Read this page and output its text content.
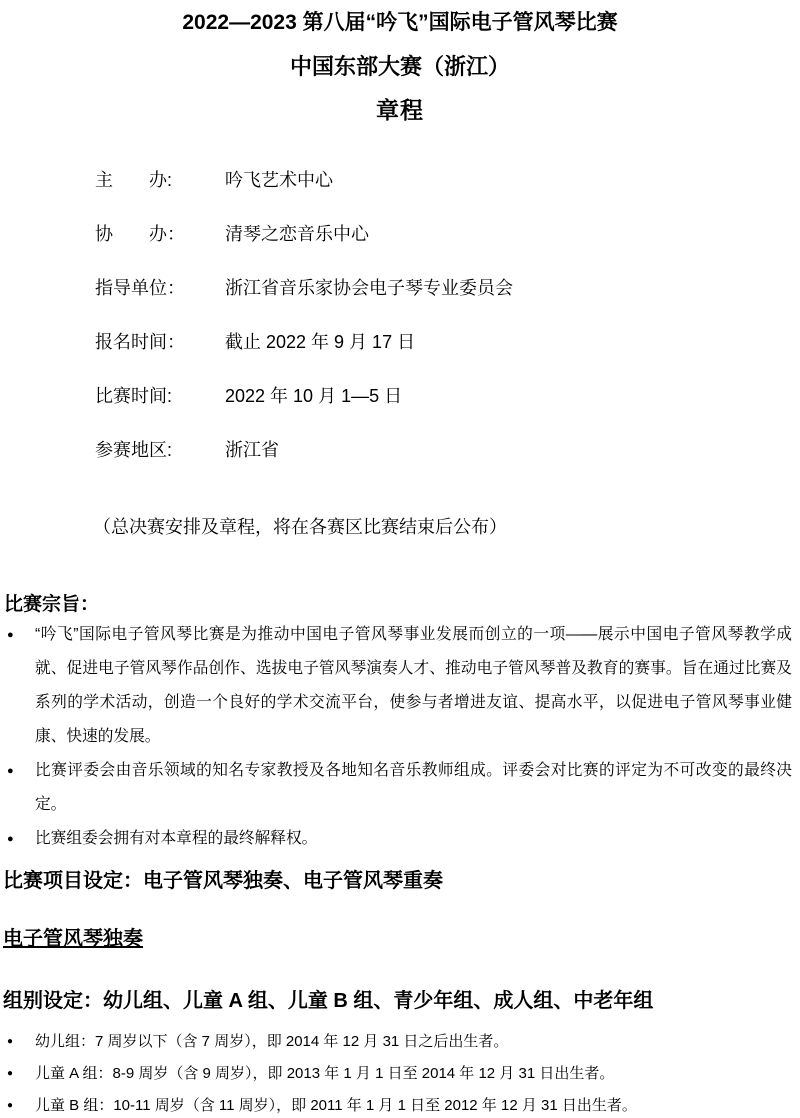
2022—2023 第八届“吟飞”国际电子管风琴比赛
中国东部大赛（浙江）
章程
主　　办:	吟飞艺术中心
协　　办：	清琴之恋音乐中心
指导单位：	浙江省音乐家协会电子琴专业委员会
报名时间：	截止 2022 年 9 月 17 日
比赛时间:	2022 年 10 月 1—5 日
参赛地区:	浙江省
（总决赛安排及章程，将在各赛区比赛结束后公布）
比赛宗旨：
● “吟飞”国际电子管风琴比赛是为推动中国电子管风琴事业发展而创立的一项——展示中国电子管风琴教学成就、促进电子管风琴作品创作、选拔电子管风琴演奏人才、推动电子管风琴普及教育的赛事。旨在通过比赛及系列的学术活动，创造一个良好的学术交流平台，使参与者增进友谊、提高水平，以促进电子管风琴事业健康、快速的发展。
● 比赛评委会由音乐领域的知名专家教授及各地知名音乐教师组成。评委会对比赛的评定为不可改变的最终决定。
● 比赛组委会拥有对本章程的最终解释权。
比赛项目设定：电子管风琴独奏、电子管风琴重奏
电子管风琴独奏
组别设定：幼儿组、儿童 A 组、儿童 B 组、青少年组、成人组、中老年组
● 幼儿组：7 周岁以下（含 7 周岁），即 2014 年 12 月 31 日之后出生者。
● 儿童 A 组：8-9 周岁（含 9 周岁），即 2013 年 1 月 1 日至 2014 年 12 月 31 日出生者。
● 儿童 B 组：10-11 周岁（含 11 周岁），即 2011 年 1 月 1 日至 2012 年 12 月 31 日出生者。
